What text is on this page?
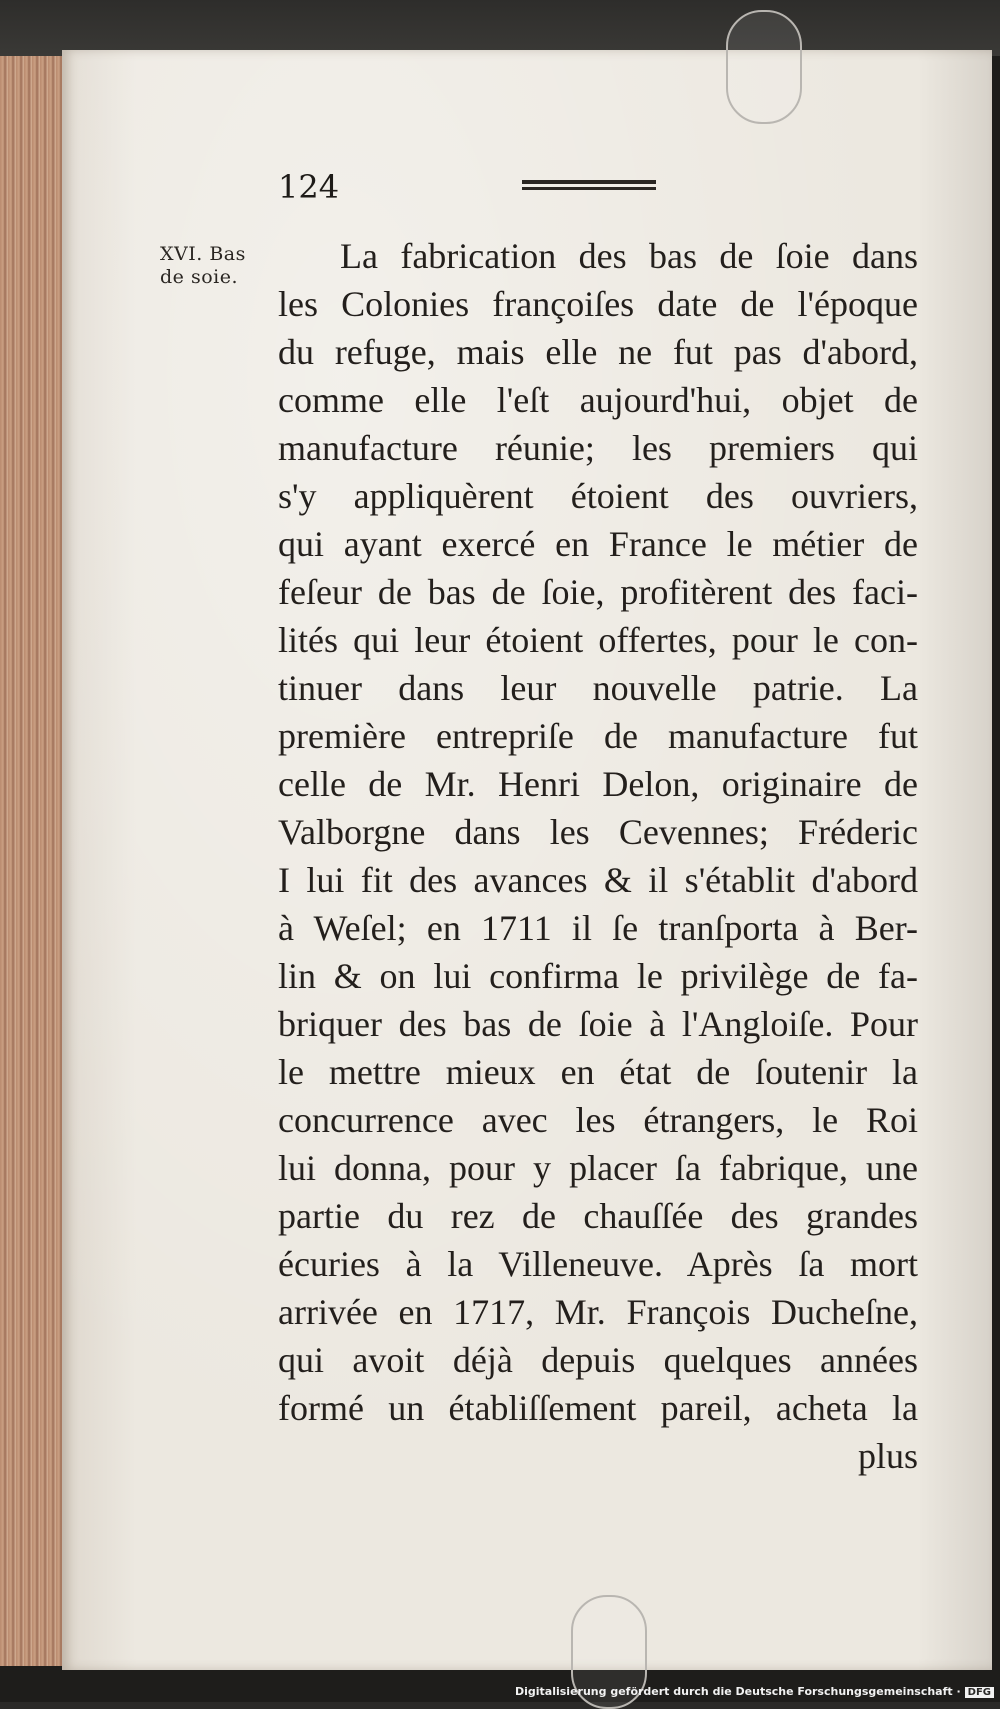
124
XVI. Bas
de soie.
La fabrication des bas de ſoie dans
les Colonies françoiſes date de l'époque
du refuge, mais elle ne fut pas d'abord,
comme elle l'eſt aujourd'hui, objet de
manufacture réunie; les premiers qui
s'y appliquèrent étoient des ouvriers,
qui ayant exercé en France le métier de
feſeur de bas de ſoie, profitèrent des faci-
lités qui leur étoient offertes, pour le con-
tinuer dans leur nouvelle patrie. La
première entrepriſe de manufacture fut
celle de Mr. Henri Delon, originaire de
Valborgne dans les Cevennes; Fréderic
I lui fit des avances & il s'établit d'abord
à Weſel; en 1711 il ſe tranſporta à Ber-
lin & on lui confirma le privilège de fa-
briquer des bas de ſoie à l'Angloiſe. Pour
le mettre mieux en état de ſoutenir la
concurrence avec les étrangers, le Roi
lui donna, pour y placer ſa fabrique, une
partie du rez de chauſſée des grandes
écuries à la Villeneuve. Après ſa mort
arrivée en 1717, Mr. François Ducheſne,
qui avoit déjà depuis quelques années
formé un établiſſement pareil, acheta la
plus
Digitalisierung gefördert durch die Deutsche Forschungsgemeinschaft · DFG
